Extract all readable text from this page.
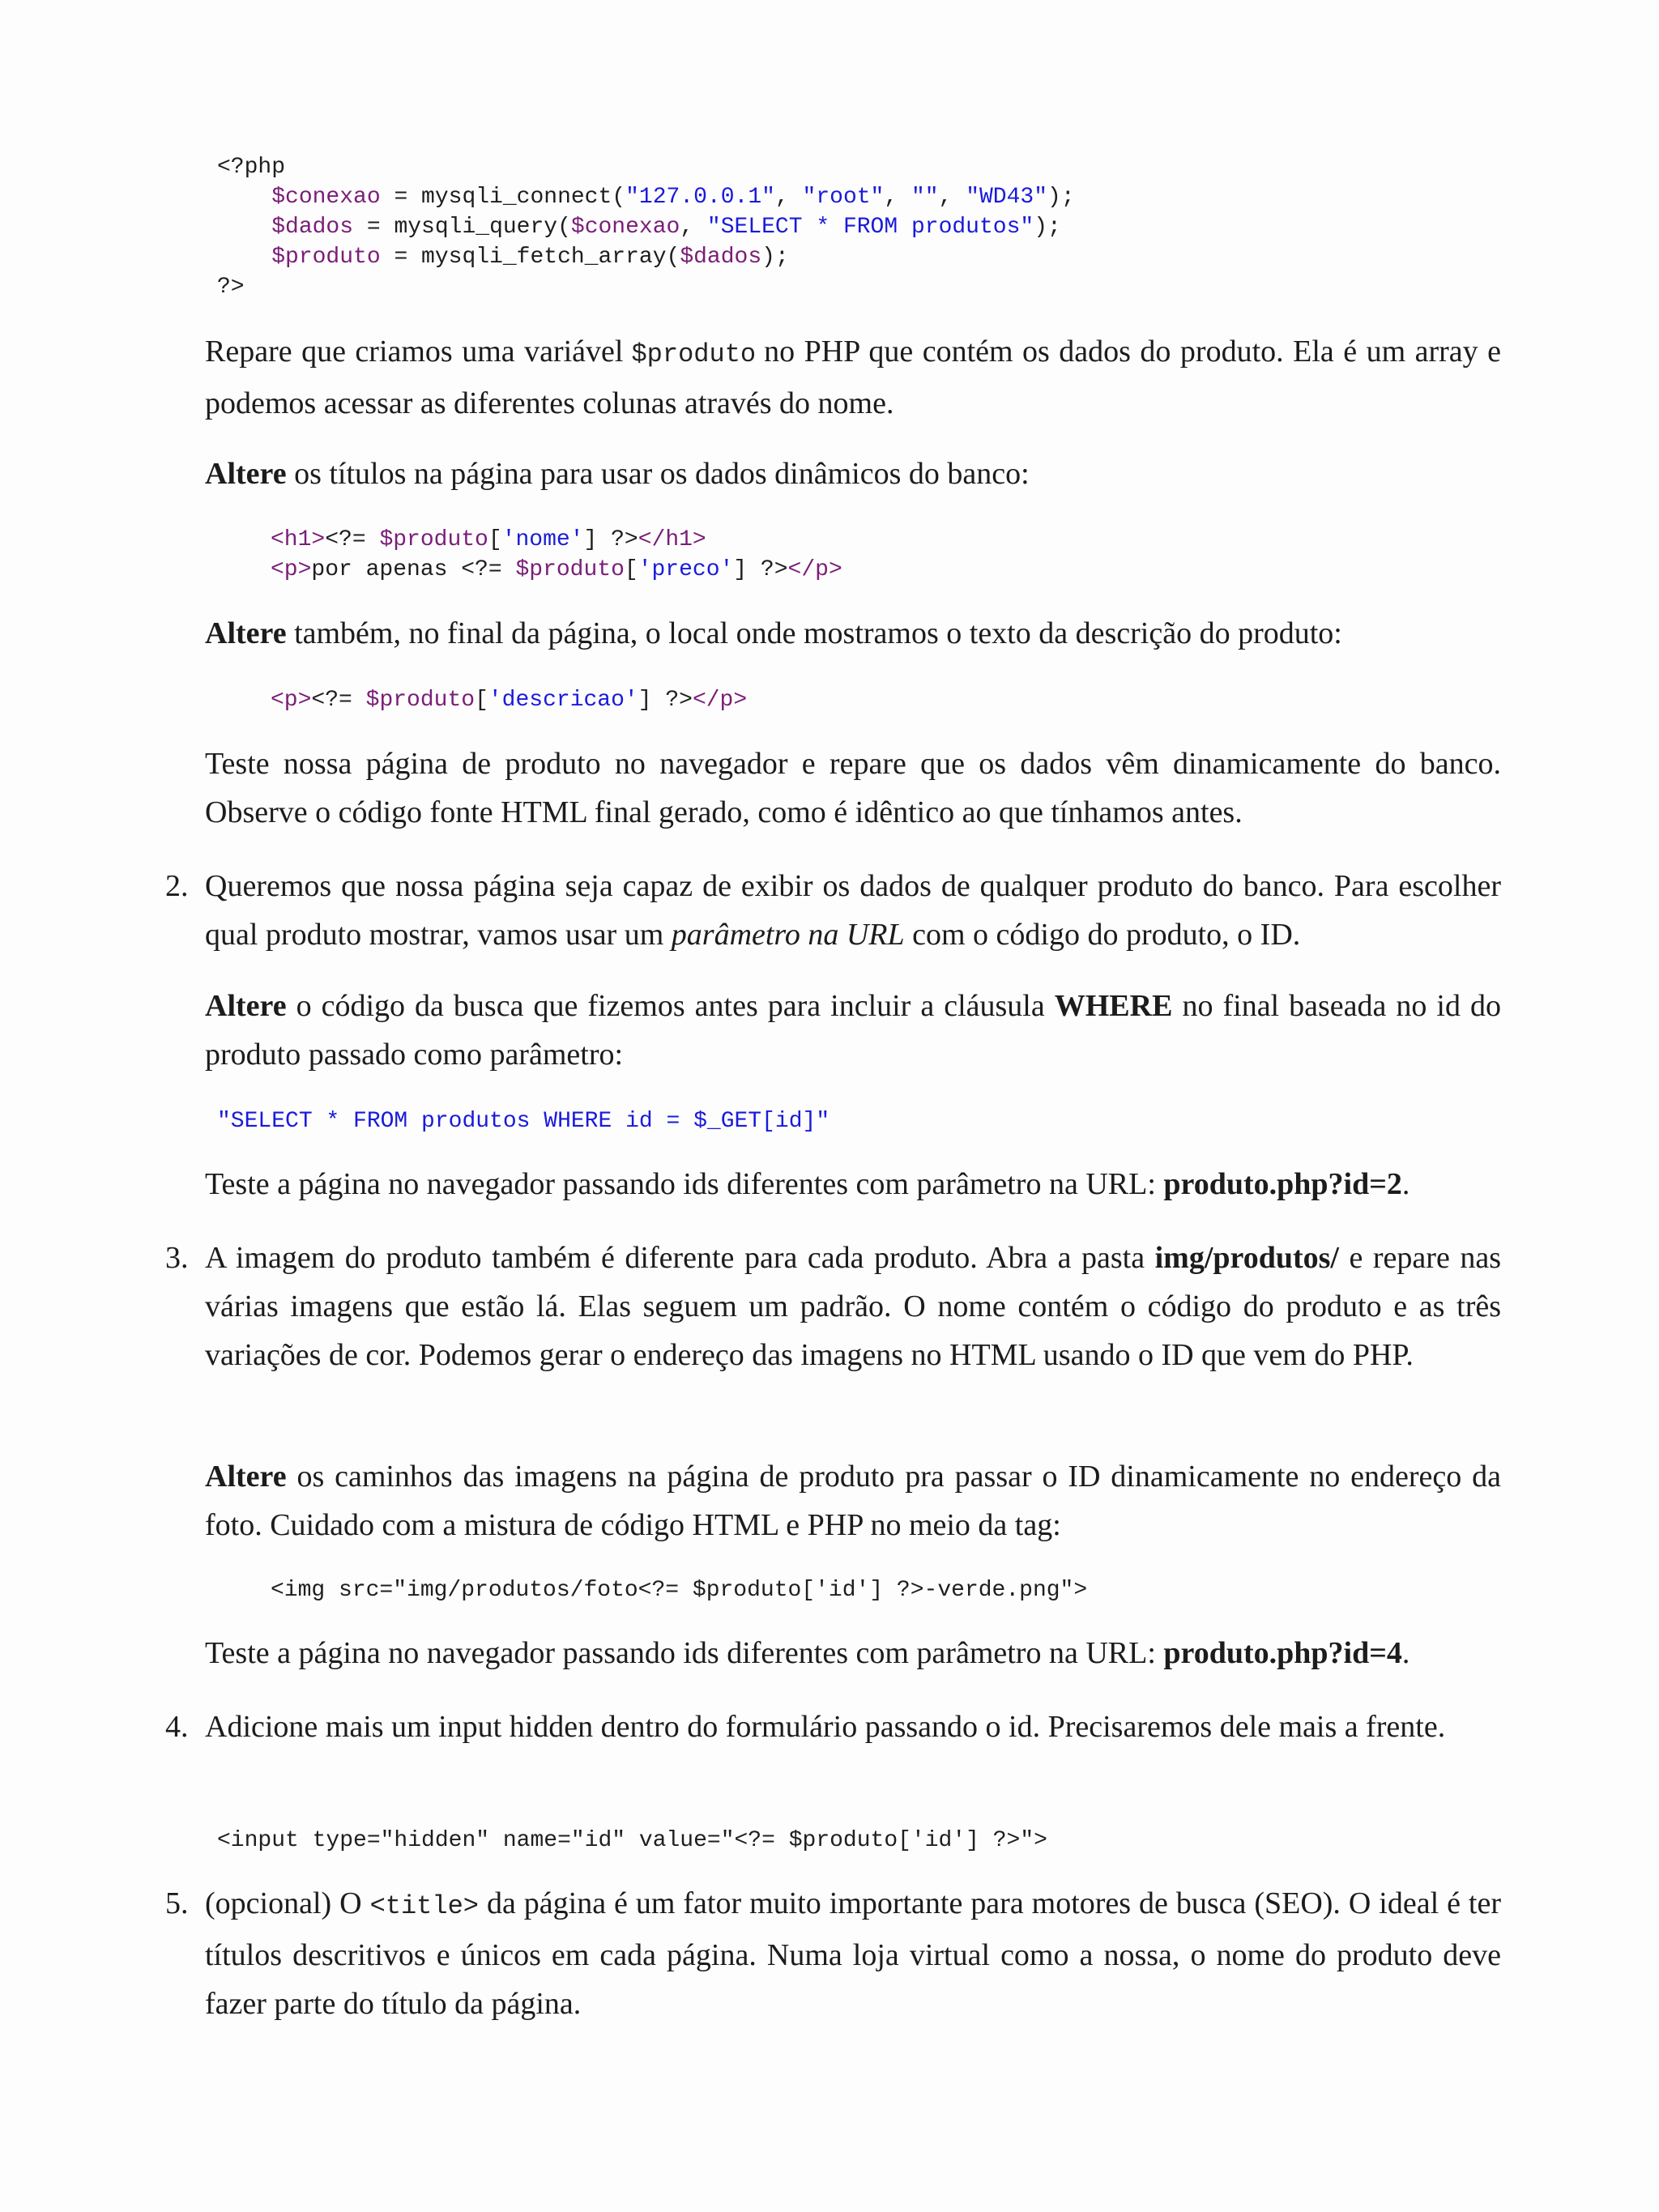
<?php
$conexao = mysqli_connect("127.0.0.1", "root", "", "WD43");
$dados = mysqli_query($conexao, "SELECT * FROM produtos");
$produto = mysqli_fetch_array($dados);
?>

Repare que criamos uma variável $produto no PHP que contém os dados do produto. Ela é um array e podemos acessar as diferentes colunas através do nome.

Altere os títulos na página para usar os dados dinâmicos do banco:

<h1><?= $produto['nome'] ?></h1>
<p>por apenas <?= $produto['preco'] ?></p>

Altere também, no final da página, o local onde mostramos o texto da descrição do produto:

<p><?= $produto['descricao'] ?></p>

Teste nossa página de produto no navegador e repare que os dados vêm dinamicamente do banco. Observe o código fonte HTML final gerado, como é idêntico ao que tínhamos antes.

2. Queremos que nossa página seja capaz de exibir os dados de qualquer produto do banco. Para escolher qual produto mostrar, vamos usar um parâmetro na URL com o código do produto, o ID.

Altere o código da busca que fizemos antes para incluir a cláusula WHERE no final baseada no id do produto passado como parâmetro:

"SELECT * FROM produtos WHERE id = $_GET[id]"

Teste a página no navegador passando ids diferentes com parâmetro na URL: produto.php?id=2.

3. A imagem do produto também é diferente para cada produto. Abra a pasta img/produtos/ e repare nas várias imagens que estão lá. Elas seguem um padrão. O nome contém o código do produto e as três variações de cor. Podemos gerar o endereço das imagens no HTML usando o ID que vem do PHP.

Altere os caminhos das imagens na página de produto pra passar o ID dinamicamente no endereço da foto. Cuidado com a mistura de código HTML e PHP no meio da tag:

<img src="img/produtos/foto<?= $produto['id'] ?>-verde.png">

Teste a página no navegador passando ids diferentes com parâmetro na URL: produto.php?id=4.

4. Adicione mais um input hidden dentro do formulário passando o id. Precisaremos dele mais a frente.

<input type="hidden" name="id" value="<?= $produto['id'] ?>">
5. (opcional) O <title> da página é um fator muito importante para motores de busca (SEO). O ideal é ter títulos descritivos e únicos em cada página. Numa loja virtual como a nossa, o nome do produto deve fazer parte do título da página.
